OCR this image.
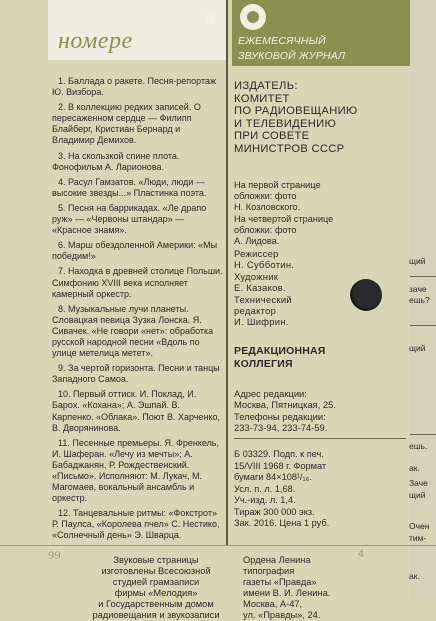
в
номере	ЕЖЕМЕСЯЧНЫЙ
ЗВУКОВОЙ ЖУРНАЛ
1. Баллада о ракете. Песня-репортаж Ю. Визбора.
2. В коллекцию редких записей. О пересаженном сердце — Филипп Блайберг, Кристиан Бернард и Владимир Демихов.
3. На скользкой спине плота. Фонофильм А. Ларионова.
4. Расул Гамзатов. «Люди, люди — высокие звезды...» Пластинка поэта.
5. Песня на баррикадах. «Ле драпо руж» — «Червоны штандар» — «Красное знамя».
6. Марш обездоленной Америки: «Мы победим!»
7. Находка в древней столице Польши. Симфонию XVIII века исполняет камерный оркестр.
8. Музыкальные лучи планеты. Словацкая певица Зузка Лонска. Я. Сивачек. «Не говори «нет»: обработка русской народной песни «Вдоль по улице метелица метет».
9. За чертой горизонта. Песни и танцы Западного Самоа.
10. Первый оттиск. И. Поклад, И. Барох. «Кохана»; А. Эшпай. В. Карпенко. «Облака». Поют В. Харченко, В. Дворянинова.
11. Песенные премьеры. Я. Френкель, И. Шаферан. «Лечу из мечты»; А. Бабаджанян, Р. Рождественский. «Письмо». Исполняют: М. Лукач, М. Магомаев, вокальный ансамбль и оркестр.
12. Танцевальные ритмы: «Фокстрот» Р. Паулса, «Королева пчел» С. Нестико, «Солнечный день» Э. Шварца.
ИЗДАТЕЛЬ:
КОМИТЕТ
ПО РАДИОВЕЩАНИЮ
И ТЕЛЕВИДЕНИЮ
ПРИ СОВЕТЕ
МИНИСТРОВ СССР
На первой странице
обложки: фото
Н. Козловского.
На четвертой странице
обложки: фото
А. Лидова.
Режиссер
Н. Субботин.
Художник
Е. Казаков.
Технический
редактор
И. Шифрин.
РЕДАКЦИОННАЯ
КОЛЛЕГИЯ
Адрес редакции:
Москва, Пятницкая, 25.
Телефоны редакции:
233-73-94, 233-74-59.
Б 03329. Подп. к печ.
15/VIII 1968 г. Формат
бумаги 84×108¹/₁₆.
Усл. п. л. 1,68.
Уч.-изд. л. 1,4.
Тираж 300 000 экз.
Зак. 2016. Цена 1 руб.
щий
заче
ешь?
щий
ешь.
ак.
Заче
щий
Очен
тим-
ак.
99	4
Звуковые страницы
изготовлены Всесоюзной
студией грамзаписи
фирмы «Мелодия»
и Государственным домом
радиовещания и звукозаписи
Ордена Ленина
типография
газеты «Правда»
имени В. И. Ленина.
Москва, А-47,
ул. «Правды», 24.
